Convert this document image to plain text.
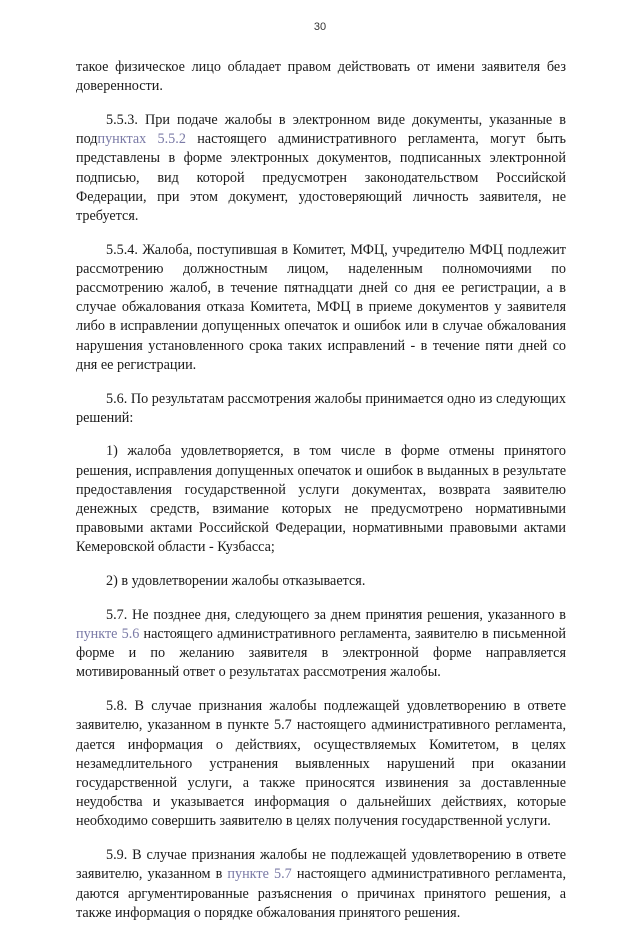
30

такое физическое лицо обладает правом действовать от имени заявителя без доверенности.

5.5.3. При подаче жалобы в электронном виде документы, указанные в подпунктах 5.5.2 настоящего административного регламента, могут быть представлены в форме электронных документов, подписанных электронной подписью, вид которой предусмотрен законодательством Российской Федерации, при этом документ, удостоверяющий личность заявителя, не требуется.

5.5.4. Жалоба, поступившая в Комитет, МФЦ, учредителю МФЦ подлежит рассмотрению должностным лицом, наделенным полномочиями по рассмотрению жалоб, в течение пятнадцати дней со дня ее регистрации, а в случае обжалования отказа Комитета, МФЦ в приеме документов у заявителя либо в исправлении допущенных опечаток и ошибок или в случае обжалования нарушения установленного срока таких исправлений - в течение пяти дней со дня ее регистрации.

5.6. По результатам рассмотрения жалобы принимается одно из следующих решений:

1) жалоба удовлетворяется, в том числе в форме отмены принятого решения, исправления допущенных опечаток и ошибок в выданных в результате предоставления государственной услуги документах, возврата заявителю денежных средств, взимание которых не предусмотрено нормативными правовыми актами Российской Федерации, нормативными правовыми актами Кемеровской области - Кузбасса;

2) в удовлетворении жалобы отказывается.

5.7. Не позднее дня, следующего за днем принятия решения, указанного в пункте 5.6 настоящего административного регламента, заявителю в письменной форме и по желанию заявителя в электронной форме направляется мотивированный ответ о результатах рассмотрения жалобы.

5.8. В случае признания жалобы подлежащей удовлетворению в ответе заявителю, указанном в пункте 5.7 настоящего административного регламента, дается информация о действиях, осуществляемых Комитетом, в целях незамедлительного устранения выявленных нарушений при оказании государственной услуги, а также приносятся извинения за доставленные неудобства и указывается информация о дальнейших действиях, которые необходимо совершить заявителю в целях получения государственной услуги.

5.9. В случае признания жалобы не подлежащей удовлетворению в ответе заявителю, указанном в пункте 5.7 настоящего административного регламента, даются аргументированные разъяснения о причинах принятого решения, а также информация о порядке обжалования принятого решения.
